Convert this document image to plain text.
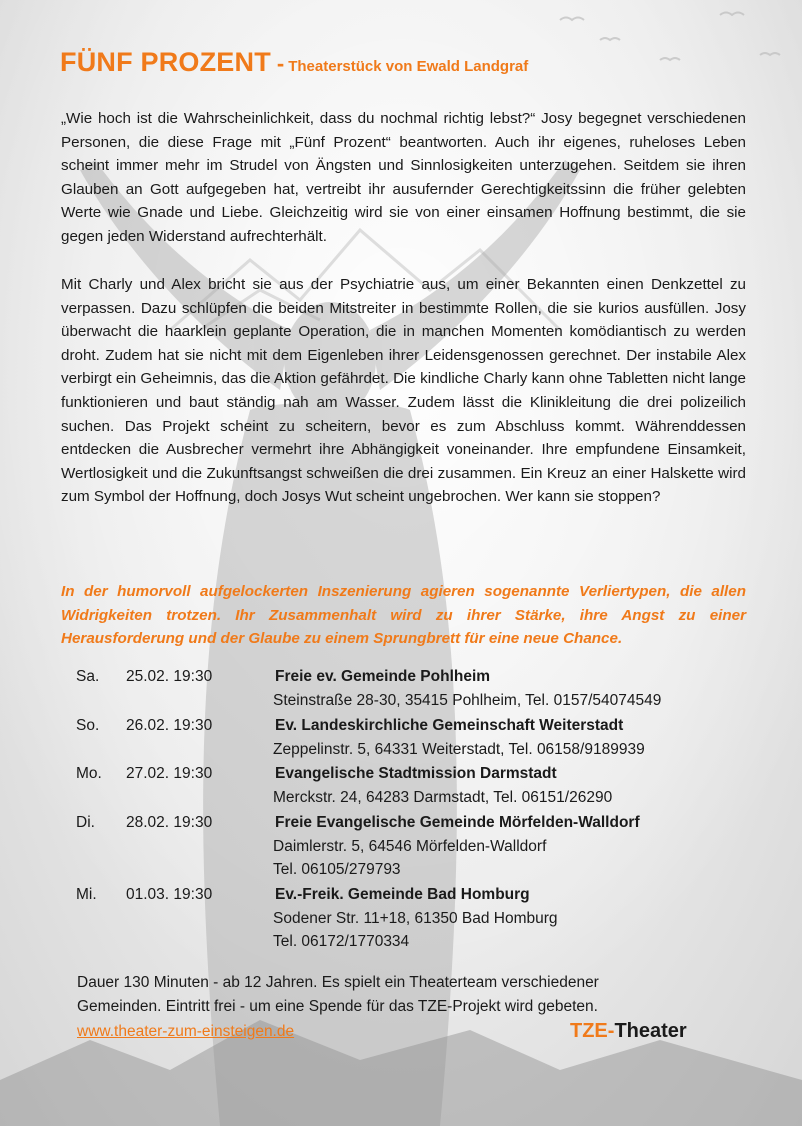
FÜNF PROZENT - Theaterstück von Ewald Landgraf

„Wie hoch ist die Wahrscheinlichkeit, dass du nochmal richtig lebst?“ Josy begegnet verschiedenen Personen, die diese Frage mit „Fünf Prozent“ beantworten. Auch ihr eigenes, ruheloses Leben scheint immer mehr im Strudel von Ängsten und Sinnlosigkeiten unterzugehen. Seitdem sie ihren Glauben an Gott aufgegeben hat, vertreibt ihr ausufernder Gerechtigkeitssinn die früher gelebten Werte wie Gnade und Liebe. Gleichzeitig wird sie von einer einsamen Hoffnung bestimmt, die sie gegen jeden Widerstand aufrechterhält.

Mit Charly und Alex bricht sie aus der Psychiatrie aus, um einer Bekannten einen Denkzettel zu verpassen. Dazu schlüpfen die beiden Mitstreiter in bestimmte Rollen, die sie kurios ausfüllen. Josy überwacht die haarklein geplante Operation, die in manchen Momenten komödiantisch zu werden droht. Zudem hat sie nicht mit dem Eigenleben ihrer Leidensgenossen gerechnet. Der instabile Alex verbirgt ein Geheimnis, das die Aktion gefährdet. Die kindliche Charly kann ohne Tabletten nicht lange funktionieren und baut ständig nah am Wasser. Zudem lässt die Klinikleitung die drei polizeilich suchen. Das Projekt scheint zu scheitern, bevor es zum Abschluss kommt. Währenddessen entdecken die Ausbrecher vermehrt ihre Abhängigkeit voneinander. Ihre empfundene Einsamkeit, Wertlosigkeit und die Zukunftsangst schweißen die drei zusammen. Ein Kreuz an einer Halskette wird zum Symbol der Hoffnung, doch Josys Wut scheint ungebrochen. Wer kann sie stoppen?

In der humorvoll aufgelockerten Inszenierung agieren sogenannte Verliertypen, die allen Widrigkeiten trotzen. Ihr Zusammenhalt wird zu ihrer Stärke, ihre Angst zu einer Herausforderung und der Glaube zu einem Sprungbrett für eine neue Chance.

Sa. 25.02. 19:30	Freie ev. Gemeinde Pohlheim
Steinstraße 28-30, 35415 Pohlheim, Tel. 0157/54074549
So. 26.02. 19:30	Ev. Landeskirchliche Gemeinschaft Weiterstadt
Zeppelinstr. 5, 64331 Weiterstadt, Tel. 06158/9189939
Mo. 27.02. 19:30	Evangelische Stadtmission Darmstadt
Merckstr. 24, 64283 Darmstadt, Tel. 06151/26290
Di. 28.02. 19:30	Freie Evangelische Gemeinde Mörfelden-Walldorf
Daimlerstr. 5, 64546 Mörfelden-Walldorf
Tel. 06105/279793
Mi. 01.03. 19:30	Ev.-Freik. Gemeinde Bad Homburg
Sodener Str. 11+18, 61350 Bad Homburg
Tel. 06172/1770334
Dauer 130 Minuten - ab 12 Jahren. Es spielt ein Theaterteam verschiedener
Gemeinden. Eintritt frei - um eine Spende für das TZE-Projekt wird gebeten.
www.theater-zum-einsteigen.de	TZE-Theater
